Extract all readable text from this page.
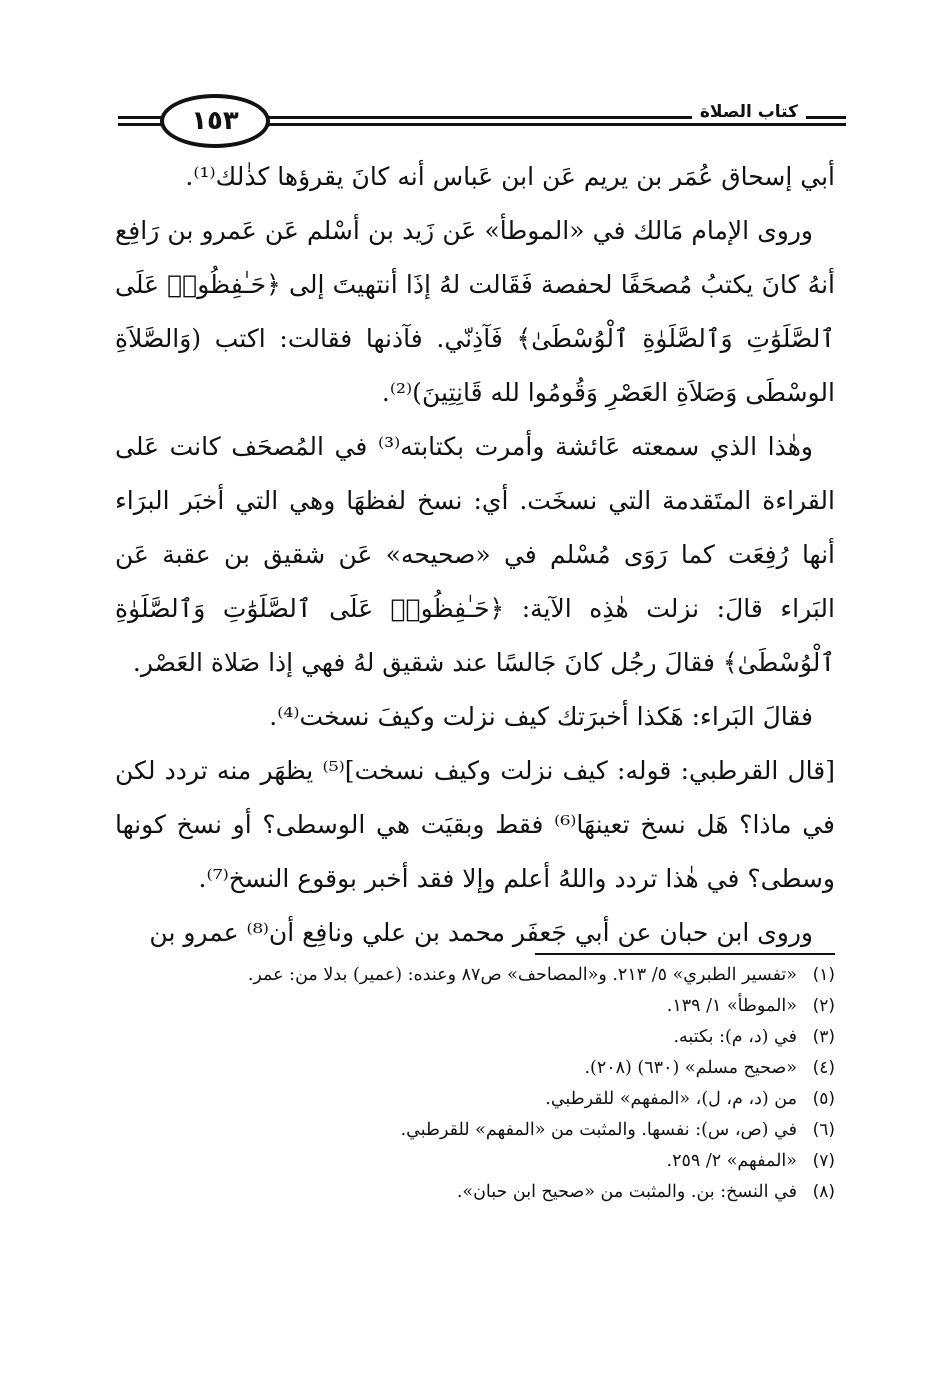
١٥٣	كتاب الصلاة

أبي إسحاق عُمَر بن يريم عَن ابن عَباس أنه كانَ يقرؤها كذٰلك⁽¹⁾.

وروى الإمام مَالك في «الموطأ» عَن زَيد بن أسْلم عَن عَمرو بن رَافِع أنهُ كانَ يكتبُ مُصحَفًا لحفصة فَقَالت لهُ إذَا أنتهيتَ إلى ﴿حَـٰفِظُوا۟ عَلَى ٱلصَّلَوَٰتِ وَٱلصَّلَوٰةِ ٱلْوُسْطَىٰ﴾ فَآذِنّي. فآذنها فقالت: اكتب (وَالصَّلاَةِ الوسْطَى وَصَلاَةِ العَصْرِ وَقُومُوا لله قَانِتِينَ)⁽²⁾.

وهٰذا الذي سمعته عَائشة وأمرت بكتابته⁽³⁾ في المُصحَف كانت عَلى القراءة المتَقدمة التي نسخَت. أي: نسخ لفظهَا وهي التي أخبَر البرَاء أنها رُفِعَت كما رَوَى مُسْلم في «صحيحه» عَن شقيق بن عقبة عَن البَراء قالَ: نزلت هٰذِه الآية: ﴿حَـٰفِظُوا۟ عَلَى ٱلصَّلَوَٰتِ وَٱلصَّلَوٰةِ ٱلْوُسْطَىٰ﴾ فقالَ رجُل كانَ جَالسًا عند شقيق لهُ فهي إذا صَلاة العَصْر.

فقالَ البَراء: هَكذا أخبرَتك كيف نزلت وكيفَ نسخت⁽⁴⁾.

[قال القرطبي: قوله: كيف نزلت وكيف نسخت]⁽⁵⁾ يظهَر منه تردد لكن في ماذا؟ هَل نسخ تعينهَا⁽⁶⁾ فقط وبقيَت هي الوسطى؟ أو نسخ كونها وسطى؟ في هٰذا تردد واللهُ أعلم وإلا فقد أخبر بوقوع النسخ⁽⁷⁾.

وروى ابن حبان عن أبي جَعفَر محمد بن علي ونافِع أن⁽⁸⁾ عمرو بن

(١)«تفسير الطبري» ٥/ ٢١٣. و«المصاحف» ص٨٧ وعنده: (عمير) بدلا من: عمر.
(٢)«الموطأ» ١/ ١٣٩.
(٣)في (د، م): بكتبه.
(٤)«صحيح مسلم» (٦٣٠) (٢٠٨).
(٥)من (د، م، ل)، «المفهم» للقرطبي.
(٦)في (ص، س): نفسها. والمثبت من «المفهم» للقرطبي.
(٧)«المفهم» ٢/ ٢٥٩.
(٨)في النسخ: بن. والمثبت من «صحيح ابن حبان».
